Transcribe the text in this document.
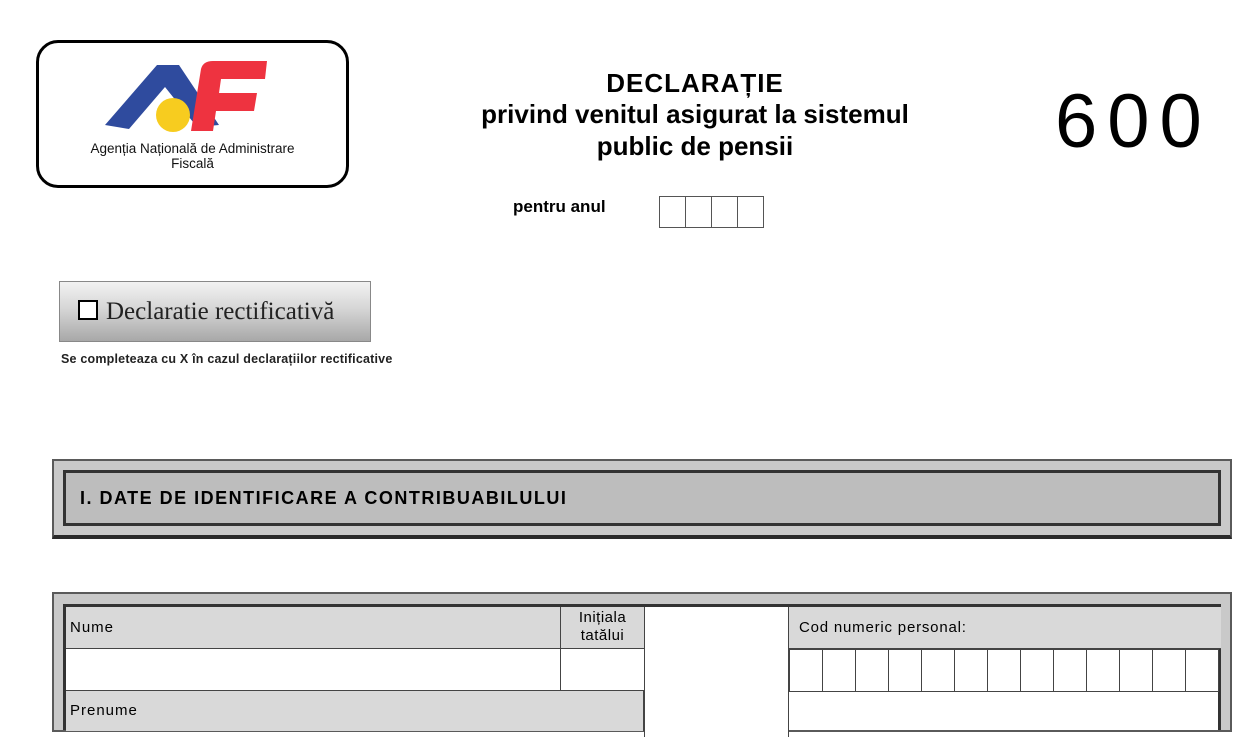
Agenția Națională de Administrare
Fiscală
DECLARAȚIE
privind venitul asigurat la sistemul
public de pensii	600
pentru anul
Declaratie rectificativă
Se completeaza cu X în cazul declarațiilor rectificative
I. DATE DE IDENTIFICARE A CONTRIBUABILULUI
Nume
Inițiala tatălui
Prenume
Cod numeric personal:
